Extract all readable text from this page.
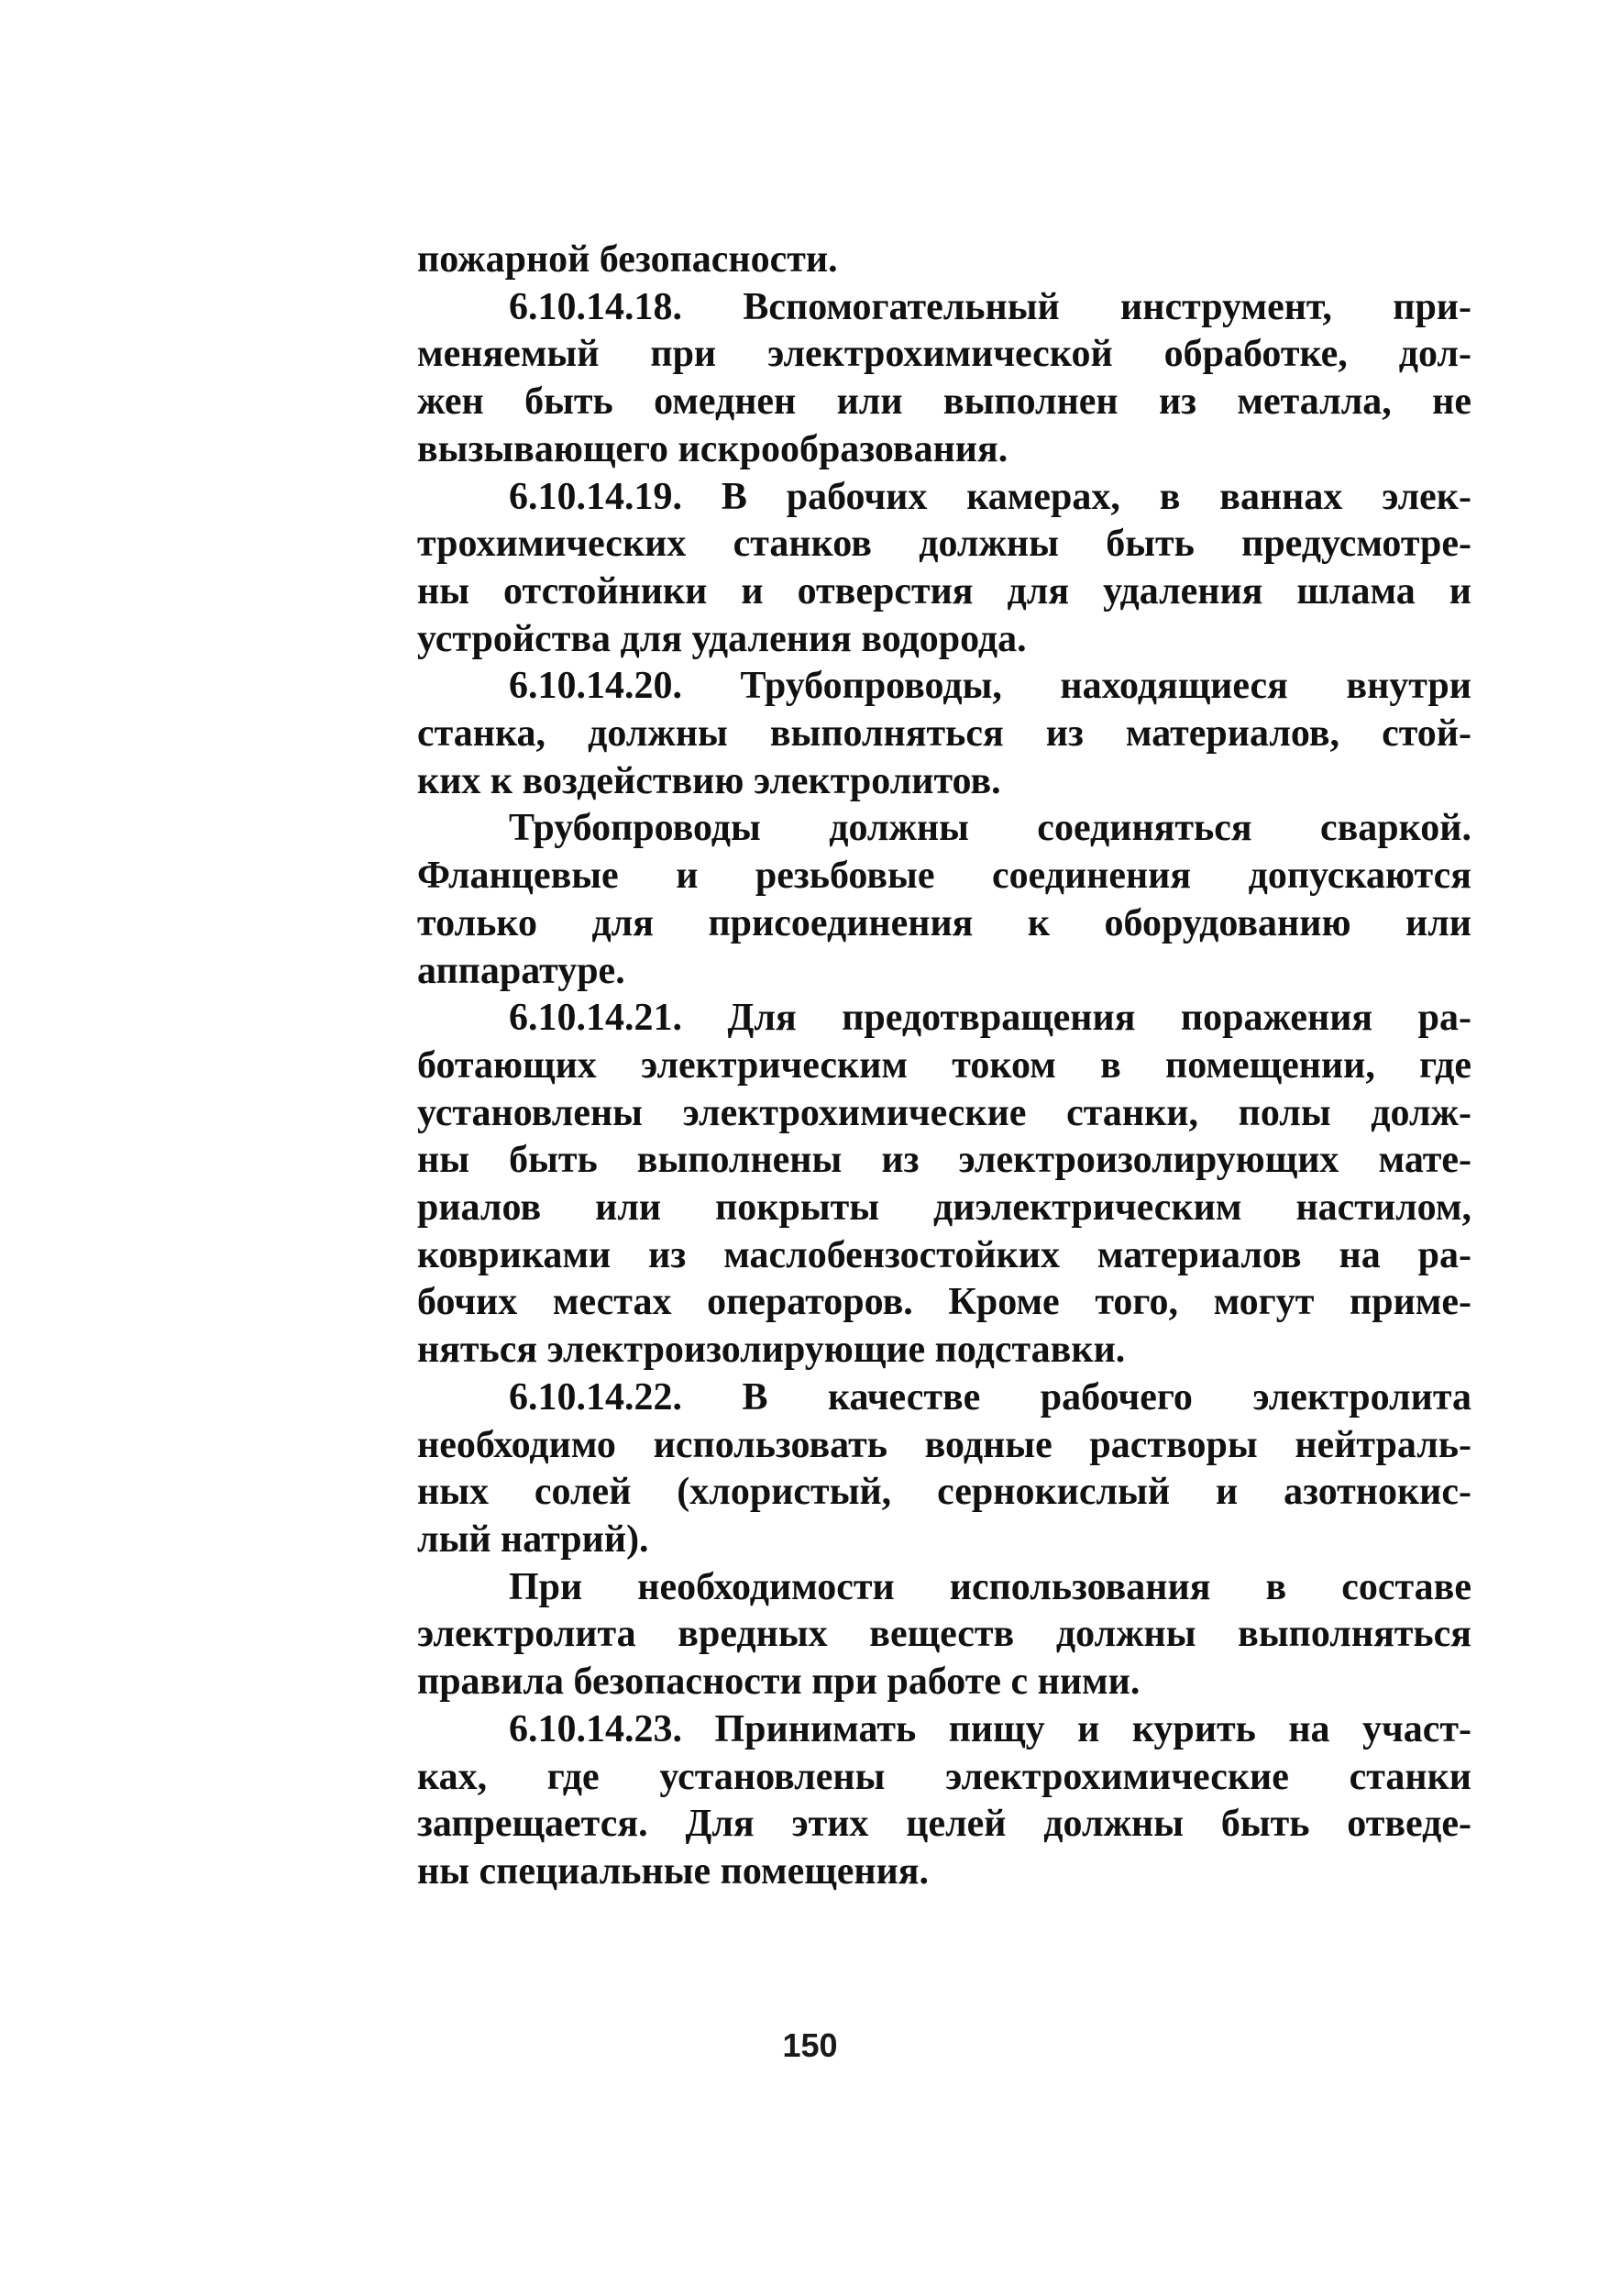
пожарной безопасности.

6.10.14.18. Вспомогательный инструмент, при-
меняемый при электрохимической обработке, дол-
жен быть омеднен или выполнен из металла, не
вызывающего искрообразования.

6.10.14.19. В рабочих камерах, в ваннах элек-
трохимических станков должны быть предусмотре-
ны отстойники и отверстия для удаления шлама и
устройства для удаления водорода.

6.10.14.20. Трубопроводы, находящиеся внутри
станка, должны выполняться из материалов, стой-
ких к воздействию электролитов.

Трубопроводы должны соединяться сваркой.
Фланцевые и резьбовые соединения допускаются
только для присоединения к оборудованию или
аппаратуре.

6.10.14.21. Для предотвращения поражения ра-
ботающих электрическим током в помещении, где
установлены электрохимические станки, полы долж-
ны быть выполнены из электроизолирующих мате-
риалов или покрыты диэлектрическим настилом,
ковриками из маслобензостойких материалов на ра-
бочих местах операторов. Кроме того, могут приме-
няться электроизолирующие подставки.

6.10.14.22. В качестве рабочего электролита
необходимо использовать водные растворы нейтраль-
ных солей (хлористый, сернокислый и азотнокис-
лый натрий).

При необходимости использования в составе
электролита вредных веществ должны выполняться
правила безопасности при работе с ними.

6.10.14.23. Принимать пищу и курить на участ-
ках, где установлены электрохимические станки
запрещается. Для этих целей должны быть отведе-
ны специальные помещения.

150
